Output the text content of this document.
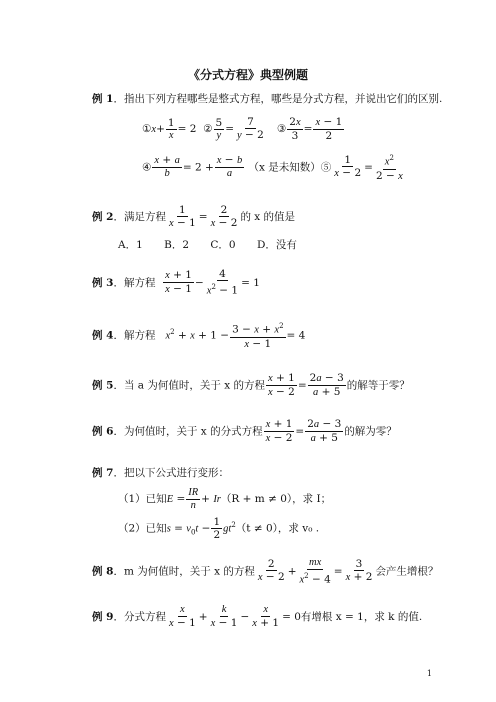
《分式方程》典型例题
例 1．指出下列方程哪些是整式方程，哪些是分式方程，并说出它们的区别.
①x+ $\frac{1}{x} = 2$  ② $\frac{5}{y} = \frac{7}{y - 2}$ ③ $\frac{2x}{3} = \frac{x - 1}{2}$
④ $\frac{x + a}{b} = 2 + \frac{x - b}{a} (x$ 是未知数）⑤ $\frac{1}{x - 2} = \frac{x^2}{2 - x}$
例 2．满足方程 $\frac{1}{x - 1} = \frac{2}{x - 2}$ 的 x 的值是
A．1 B．2 C．0 D．没有
例 3．解方程 $\frac{x + 1}{x - 1} - \frac{4}{x^2 - 1} = 1$
例 4．解方程 $x^2 + x + 1 - \frac{3 - x + x^2}{x - 1} = 4$
例 5．当 a 为何值时，关于 x 的方程 $\frac{x + 1}{x - 2} = \frac{2a - 3}{a + 5}$ 的解等于零？
例 6．为何值时，关于 x 的分式方程 $\frac{x + 1}{x - 2} = \frac{2a - 3}{a + 5}$ 的解为零？
例 7．把以下公式进行变形：
（1）已知$E = \frac{IR}{n} + Ir(R + m \ne 0)$，求 I；
（2）已知$s = v_0t - \frac{1}{2} gt^2(t \ne 0)$，求 v₀ .
例 8．m 为何值时，关于 x 的方程 $\frac{2}{x - 2} + \frac{mx}{x^2 - 4} = \frac{3}{x + 2}$ 会产生增根？
例 9．分式方程 $\frac{x}{x - 1} + \frac{k}{x - 1} - \frac{x}{x + 1} = 0$有增根 x = 1，求 k 的值.
1
